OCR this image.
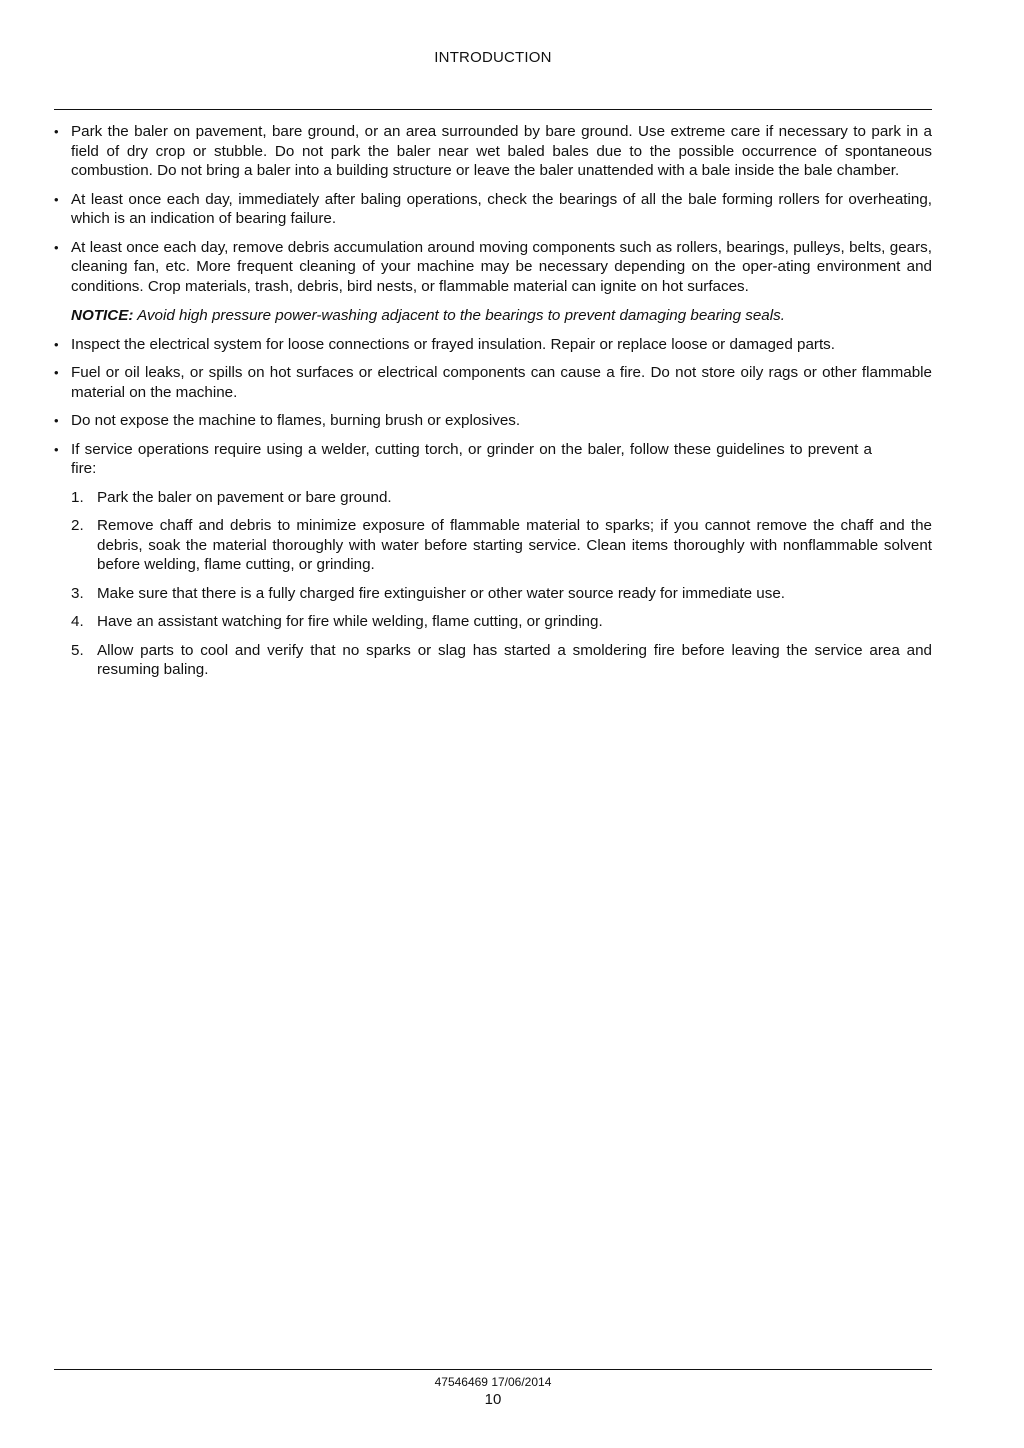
INTRODUCTION
• Park the baler on pavement, bare ground, or an area surrounded by bare ground. Use extreme care if necessary to park in a field of dry crop or stubble. Do not park the baler near wet baled bales due to the possible occurrence of spontaneous combustion. Do not bring a baler into a building structure or leave the baler unattended with a bale inside the bale chamber.
• At least once each day, immediately after baling operations, check the bearings of all the bale forming rollers for overheating, which is an indication of bearing failure.
• At least once each day, remove debris accumulation around moving components such as rollers, bearings, pulleys, belts, gears, cleaning fan, etc. More frequent cleaning of your machine may be necessary depending on the oper-ating environment and conditions. Crop materials, trash, debris, bird nests, or flammable material can ignite on hot surfaces.
NOTICE: Avoid high pressure power-washing adjacent to the bearings to prevent damaging bearing seals.
• Inspect the electrical system for loose connections or frayed insulation. Repair or replace loose or damaged parts.
• Fuel or oil leaks, or spills on hot surfaces or electrical components can cause a fire. Do not store oily rags or other flammable material on the machine.
• Do not expose the machine to flames, burning brush or explosives.
• If service operations require using a welder, cutting torch, or grinder on the baler, follow these guidelines to prevent a fire:
1. Park the baler on pavement or bare ground.
2. Remove chaff and debris to minimize exposure of flammable material to sparks; if you cannot remove the chaff and the debris, soak the material thoroughly with water before starting service. Clean items thoroughly with nonflammable solvent before welding, flame cutting, or grinding.
3. Make sure that there is a fully charged fire extinguisher or other water source ready for immediate use.
4. Have an assistant watching for fire while welding, flame cutting, or grinding.
5. Allow parts to cool and verify that no sparks or slag has started a smoldering fire before leaving the service area and resuming baling.
47546469 17/06/2014
10
